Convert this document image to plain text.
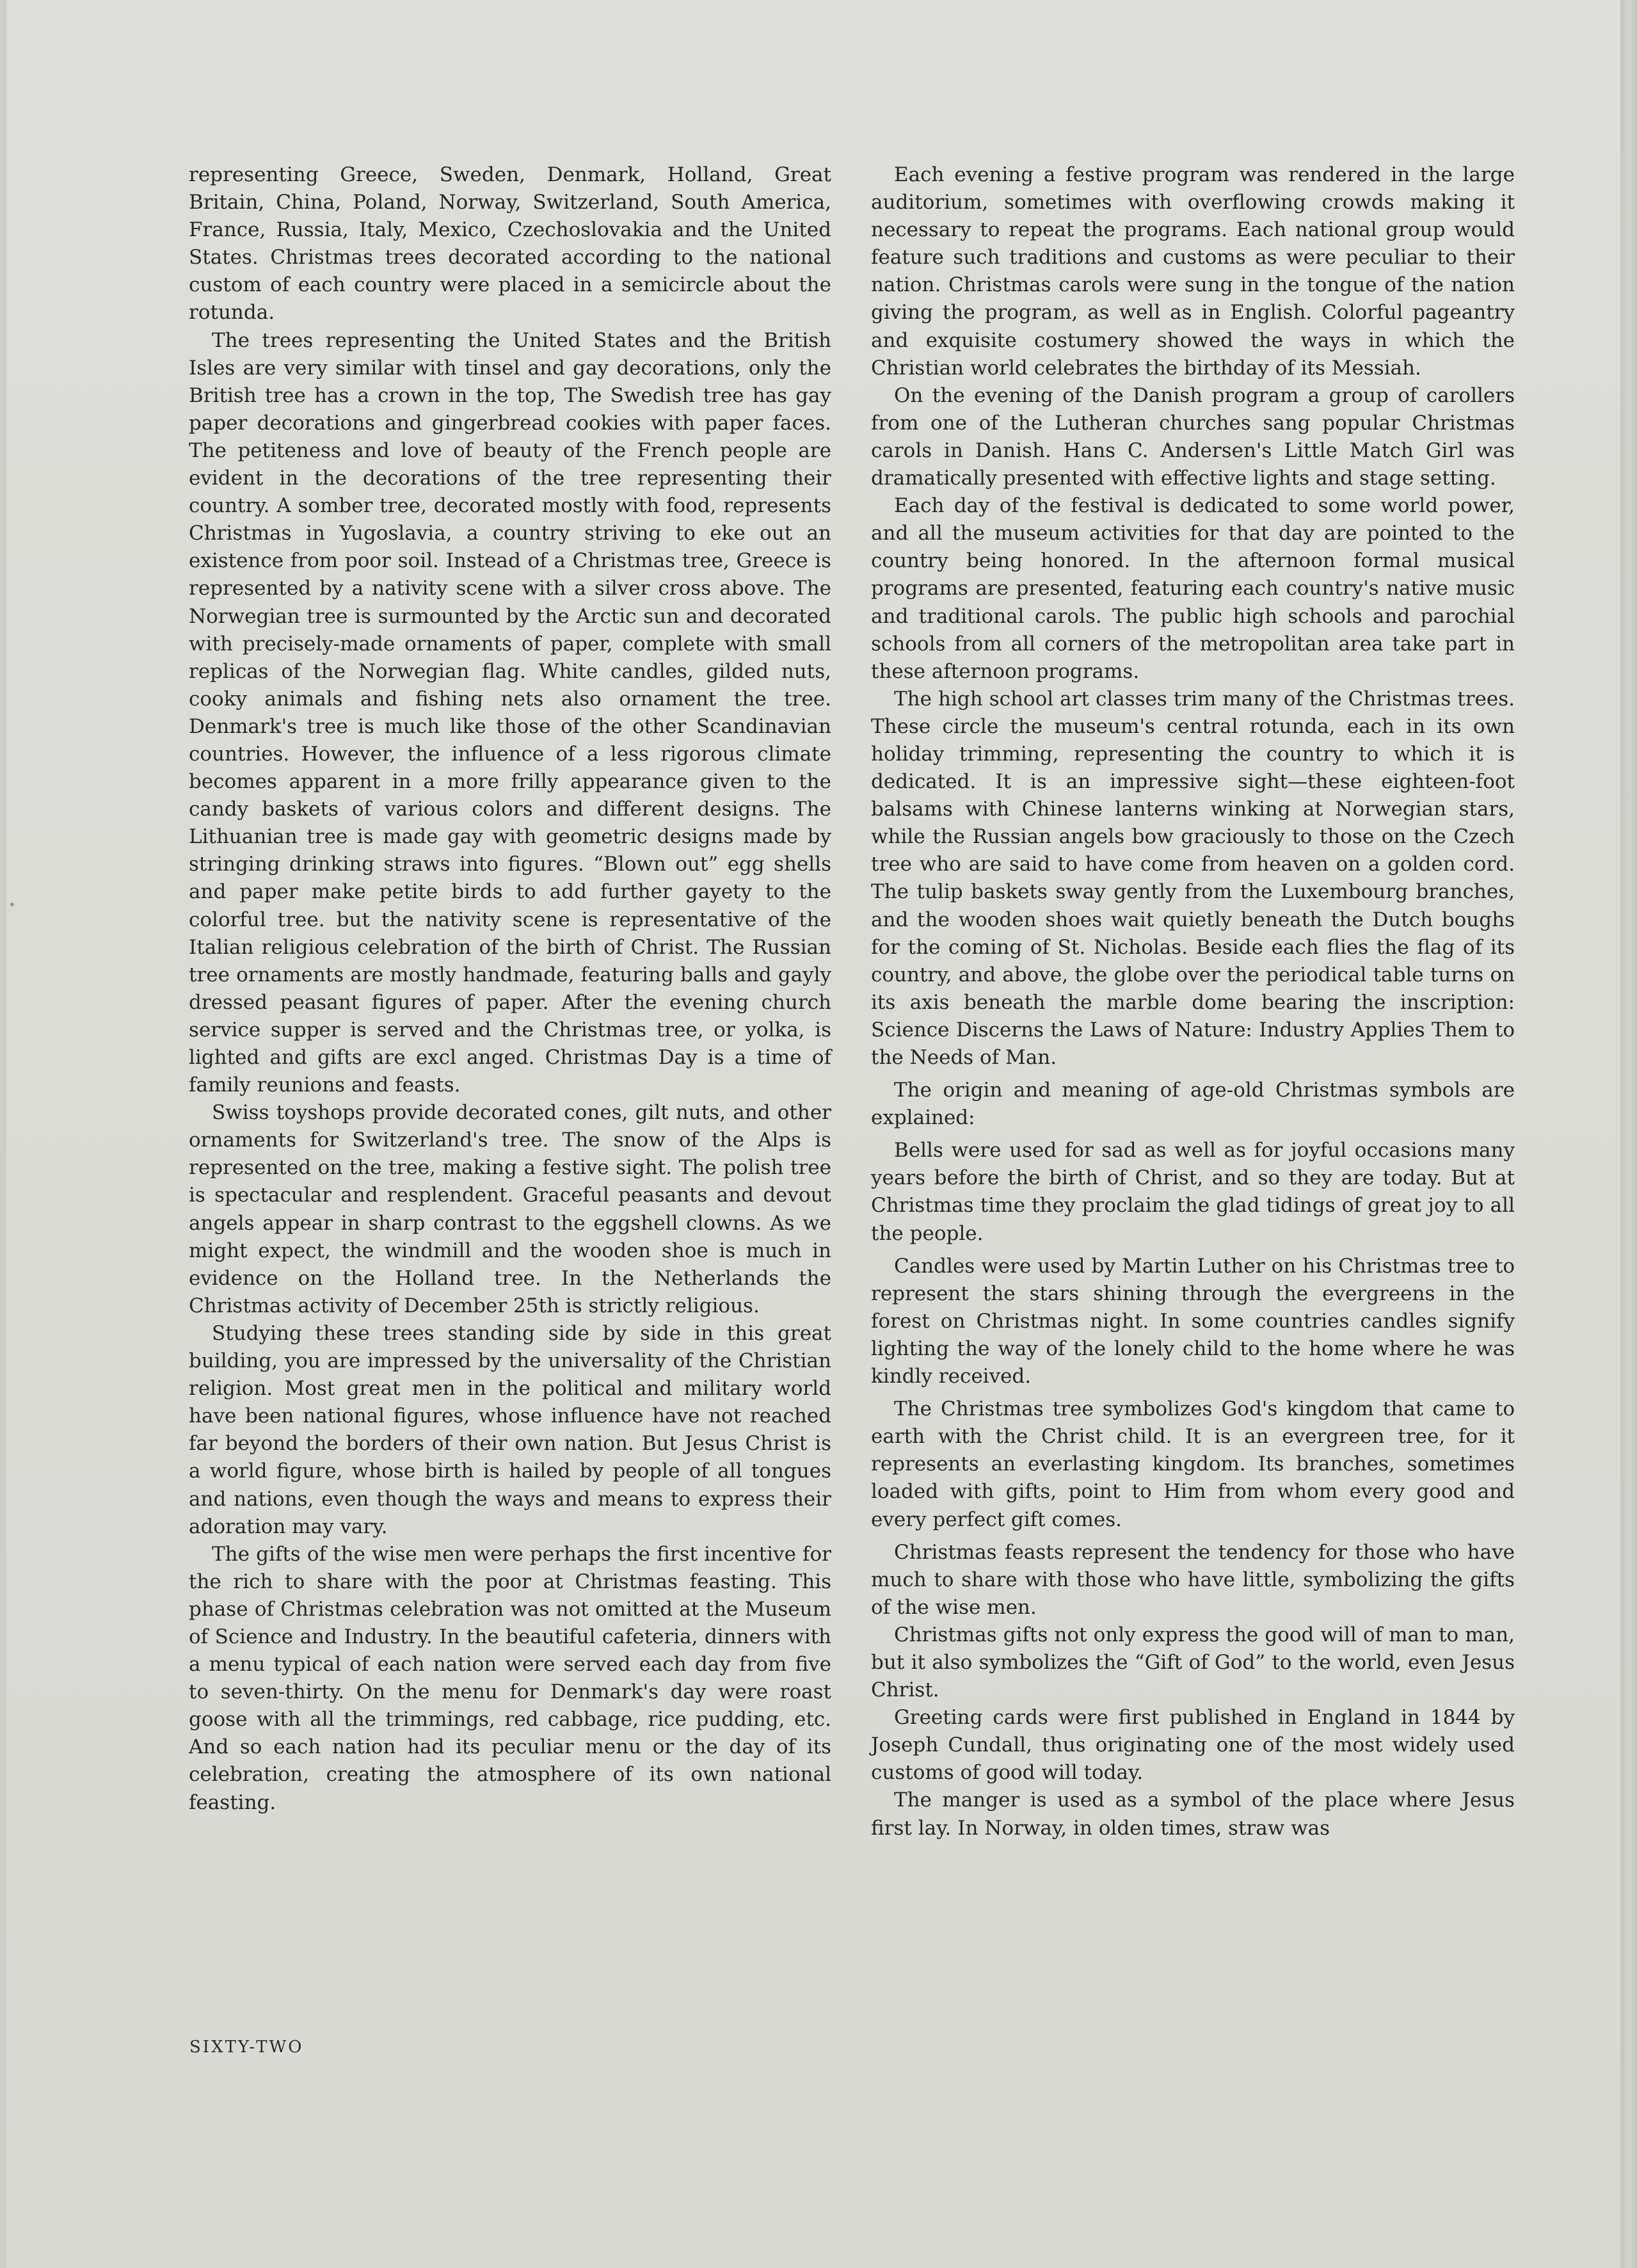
representing Greece, Sweden, Denmark, Holland, Great Britain, China, Poland, Norway, Switzerland, South America, France, Russia, Italy, Mexico, Czechoslovakia and the United States. Christmas trees decorated according to the national custom of each country were placed in a semicircle about the rotunda.

The trees representing the United States and the British Isles are very similar with tinsel and gay decorations, only the British tree has a crown in the top, The Swedish tree has gay paper decorations and gingerbread cookies with paper faces. The petiteness and love of beauty of the French people are evident in the decorations of the tree representing their country. A somber tree, decorated mostly with food, represents Christmas in Yugoslavia, a country striving to eke out an existence from poor soil. Instead of a Christmas tree, Greece is represented by a nativity scene with a silver cross above. The Norwegian tree is surmounted by the Arctic sun and decorated with precisely-made ornaments of paper, complete with small replicas of the Norwegian flag. White candles, gilded nuts, cooky animals and fishing nets also ornament the tree. Denmark's tree is much like those of the other Scandinavian countries. However, the influence of a less rigorous climate becomes apparent in a more frilly appearance given to the candy baskets of various colors and different designs. The Lithuanian tree is made gay with geometric designs made by stringing drinking straws into figures. “Blown out” egg shells and paper make petite birds to add further gayety to the colorful tree. but the nativity scene is representative of the Italian religious celebration of the birth of Christ. The Russian tree ornaments are mostly handmade, featuring balls and gayly dressed peasant figures of paper. After the evening church service supper is served and the Christmas tree, or yolka, is lighted and gifts are excl anged. Christmas Day is a time of family reunions and feasts.

Swiss toyshops provide decorated cones, gilt nuts, and other ornaments for Switzerland's tree. The snow of the Alps is represented on the tree, making a festive sight. The polish tree is spectacular and resplendent. Graceful peasants and devout angels appear in sharp contrast to the eggshell clowns. As we might expect, the windmill and the wooden shoe is much in evidence on the Holland tree. In the Netherlands the Christmas activity of December 25th is strictly religious.

Studying these trees standing side by side in this great building, you are impressed by the universality of the Christian religion. Most great men in the political and military world have been national figures, whose influence have not reached far beyond the borders of their own nation. But Jesus Christ is a world figure, whose birth is hailed by people of all tongues and nations, even though the ways and means to express their adoration may vary.

The gifts of the wise men were perhaps the first incentive for the rich to share with the poor at Christmas feasting. This phase of Christmas celebration was not omitted at the Museum of Science and Industry. In the beautiful cafeteria, dinners with a menu typical of each nation were served each day from five to seven-thirty. On the menu for Denmark's day were roast goose with all the trimmings, red cabbage, rice pudding, etc. And so each nation had its peculiar menu or the day of its celebration, creating the atmosphere of its own national feasting.

Each evening a festive program was rendered in the large auditorium, sometimes with overflowing crowds making it necessary to repeat the programs. Each national group would feature such traditions and customs as were peculiar to their nation. Christmas carols were sung in the tongue of the nation giving the program, as well as in English. Colorful pageantry and exquisite costumery showed the ways in which the Christian world celebrates the birthday of its Messiah.

On the evening of the Danish program a group of carollers from one of the Lutheran churches sang popular Christmas carols in Danish. Hans C. Andersen's Little Match Girl was dramatically presented with effective lights and stage setting.

Each day of the festival is dedicated to some world power, and all the museum activities for that day are pointed to the country being honored. In the afternoon formal musical programs are presented, featuring each country's native music and traditional carols. The public high schools and parochial schools from all corners of the metropolitan area take part in these afternoon programs.

The high school art classes trim many of the Christmas trees. These circle the museum's central rotunda, each in its own holiday trimming, representing the country to which it is dedicated. It is an impressive sight—these eighteen-foot balsams with Chinese lanterns winking at Norwegian stars, while the Russian angels bow graciously to those on the Czech tree who are said to have come from heaven on a golden cord. The tulip baskets sway gently from the Luxembourg branches, and the wooden shoes wait quietly beneath the Dutch boughs for the coming of St. Nicholas. Beside each flies the flag of its country, and above, the globe over the periodical table turns on its axis beneath the marble dome bearing the inscription: Science Discerns the Laws of Nature: Industry Applies Them to the Needs of Man.

The origin and meaning of age-old Christmas symbols are explained:

Bells were used for sad as well as for joyful occasions many years before the birth of Christ, and so they are today. But at Christmas time they proclaim the glad tidings of great joy to all the people.

Candles were used by Martin Luther on his Christmas tree to represent the stars shining through the evergreens in the forest on Christmas night. In some countries candles signify lighting the way of the lonely child to the home where he was kindly received.

The Christmas tree symbolizes God's kingdom that came to earth with the Christ child. It is an evergreen tree, for it represents an everlasting kingdom. Its branches, sometimes loaded with gifts, point to Him from whom every good and every perfect gift comes.

Christmas feasts represent the tendency for those who have much to share with those who have little, symbolizing the gifts of the wise men.

Christmas gifts not only express the good will of man to man, but it also symbolizes the “Gift of God” to the world, even Jesus Christ.

Greeting cards were first published in England in 1844 by Joseph Cundall, thus originating one of the most widely used customs of good will today.

The manger is used as a symbol of the place where Jesus first lay. In Norway, in olden times, straw was

SIXTY-TWO
